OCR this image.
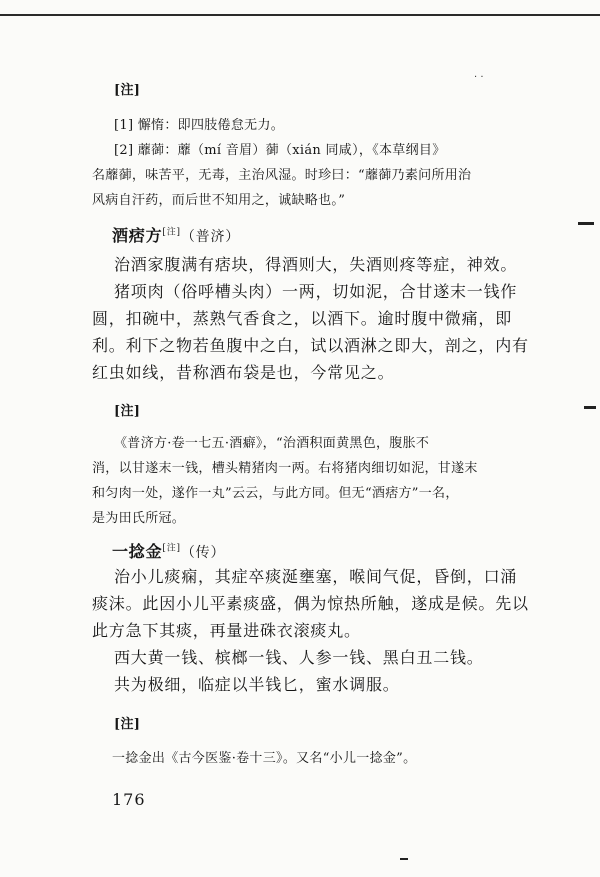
· ·

[注]

[1] 懈惰：即四肢倦怠无力。

[2] 蘼蓹：蘼（mí 音眉）蓹（xián 同咸），《本草纲目》

名蘼蓹，味苦平，无毒，主治风湿。时珍曰：“蘼蓹乃素问所用治

风病自汗药，而后世不知用之，诚缺略也。”

酒痞方[注]（普济）

治酒家腹满有痞块，得酒则大，失酒则疼等症，神效。

猪项肉（俗呼槽头肉）一两，切如泥，合甘遂末一钱作

圆，扣碗中，蒸熟气香食之，以酒下。逾时腹中微痛，即

利。利下之物若鱼腹中之白，试以酒淋之即大，剖之，内有

红虫如线，昔称酒布袋是也，今常见之。

[注]

《普济方·卷一七五·酒癖》，“治酒积面黄黑色，腹胀不

消，以甘遂末一钱，槽头精猪肉一两。右将猪肉细切如泥，甘遂末

和匀肉一处，遂作一丸”云云，与此方同。但无“酒痞方”一名，

是为田氏所冠。

一捻金[注]（传）

治小儿痰痫，其症卒痰涎壅塞，喉间气促，昏倒，口涌

痰沫。此因小儿平素痰盛，偶为惊热所触，遂成是候。先以

此方急下其痰，再量进硃衣滚痰丸。

西大黄一钱、槟榔一钱、人参一钱、黑白丑二钱。

共为极细，临症以半钱匕，蜜水调服。

[注]

一捻金出《古今医鉴·卷十三》。又名“小儿一捻金”。

176
